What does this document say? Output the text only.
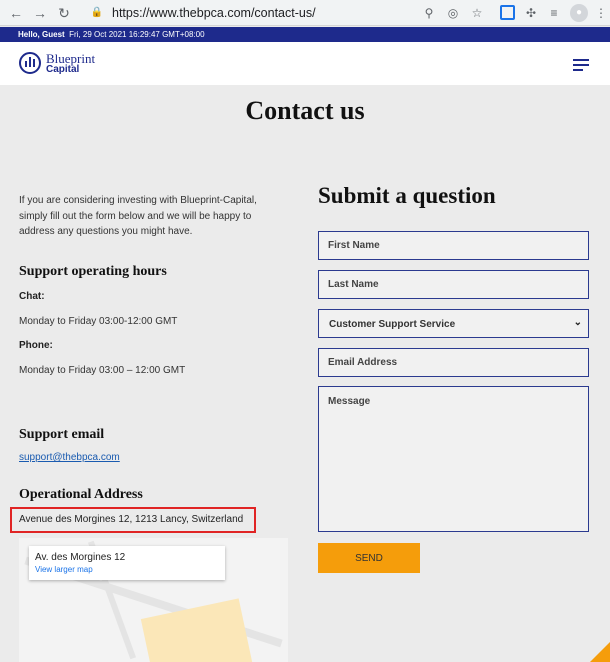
← → ↻	🔒 https://www.thebpca.com/contact-us/	⚲	◎	☆	✣	≡	●	⋮
Hello, Guest Fri, 29 Oct 2021 16:29:47 GMT+08:00
Blueprint
Capital
Contact us
If you are considering investing with Blueprint-Capital, simply fill out the form below and we will be happy to address any questions you might have.
Support operating hours
Chat:
Monday to Friday 03:00-12:00 GMT
Phone:
Monday to Friday 03:00 – 12:00 GMT
Support email
support@thebpca.com
Operational Address
Avenue des Morgines 12, 1213 Lancy, Switzerland
Av. des Morgines 12
View larger map
Submit a question
First Name
Last Name
Customer Support Service	⌄
Email Address
Message
SEND
